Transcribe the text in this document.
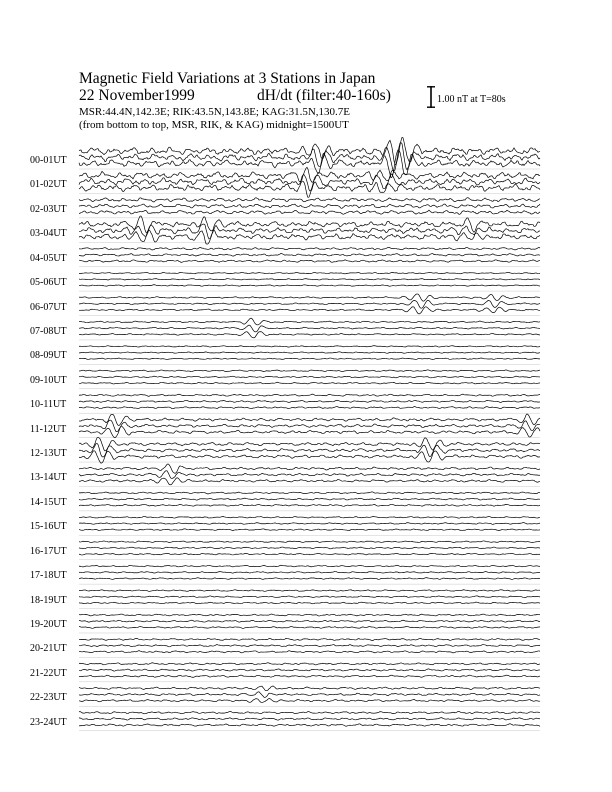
Magnetic Field Variations at 3 Stations in Japan
22 November1999	dH/dt (filter:40-160s)
MSR:44.4N,142.3E; RIK:43.5N,143.8E; KAG:31.5N,130.7E
(from bottom to top, MSR, RIK, & KAG) midnight=1500UT
1.00 nT at T=80s
00-01UT
01-02UT
02-03UT
03-04UT
04-05UT
05-06UT
06-07UT
07-08UT
08-09UT
09-10UT
10-11UT
11-12UT
12-13UT
13-14UT
14-15UT
15-16UT
16-17UT
17-18UT
18-19UT
19-20UT
20-21UT
21-22UT
22-23UT
23-24UT
